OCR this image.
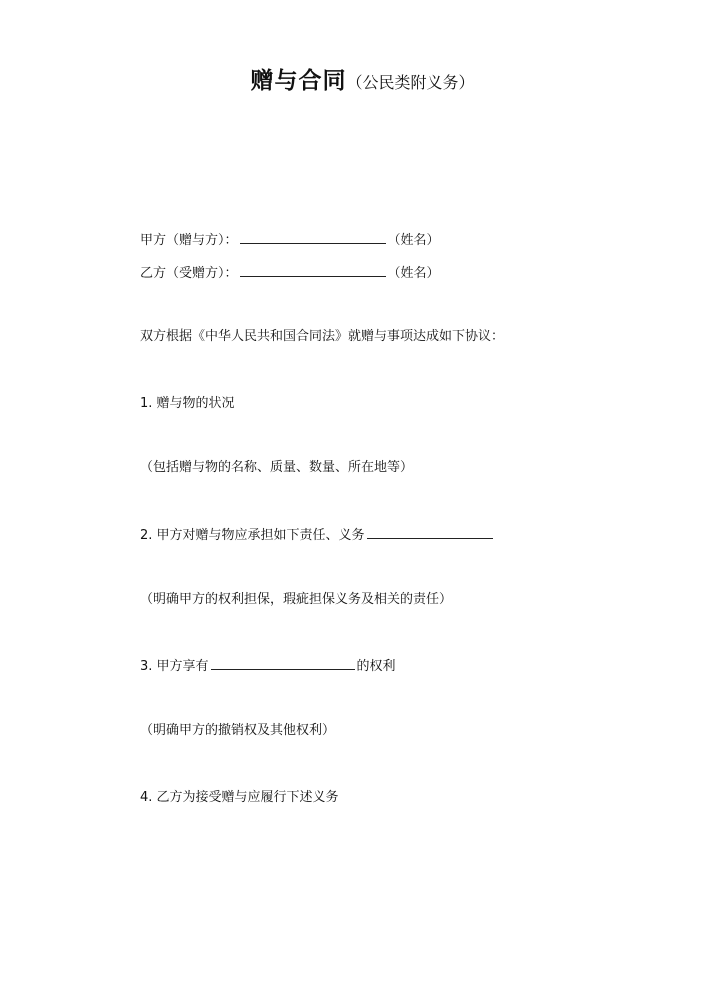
赠与合同（公民类附义务）
甲方（赠与方）：	（姓名）
乙方（受赠方）：	（姓名）
双方根据《中华人民共和国合同法》就赠与事项达成如下协议：
1. 赠与物的状况
（包括赠与物的名称、质量、数量、所在地等）
2. 甲方对赠与物应承担如下责任、义务
（明确甲方的权利担保，瑕疵担保义务及相关的责任）
3. 甲方享有	的权利
（明确甲方的撤销权及其他权利）
4. 乙方为接受赠与应履行下述义务
